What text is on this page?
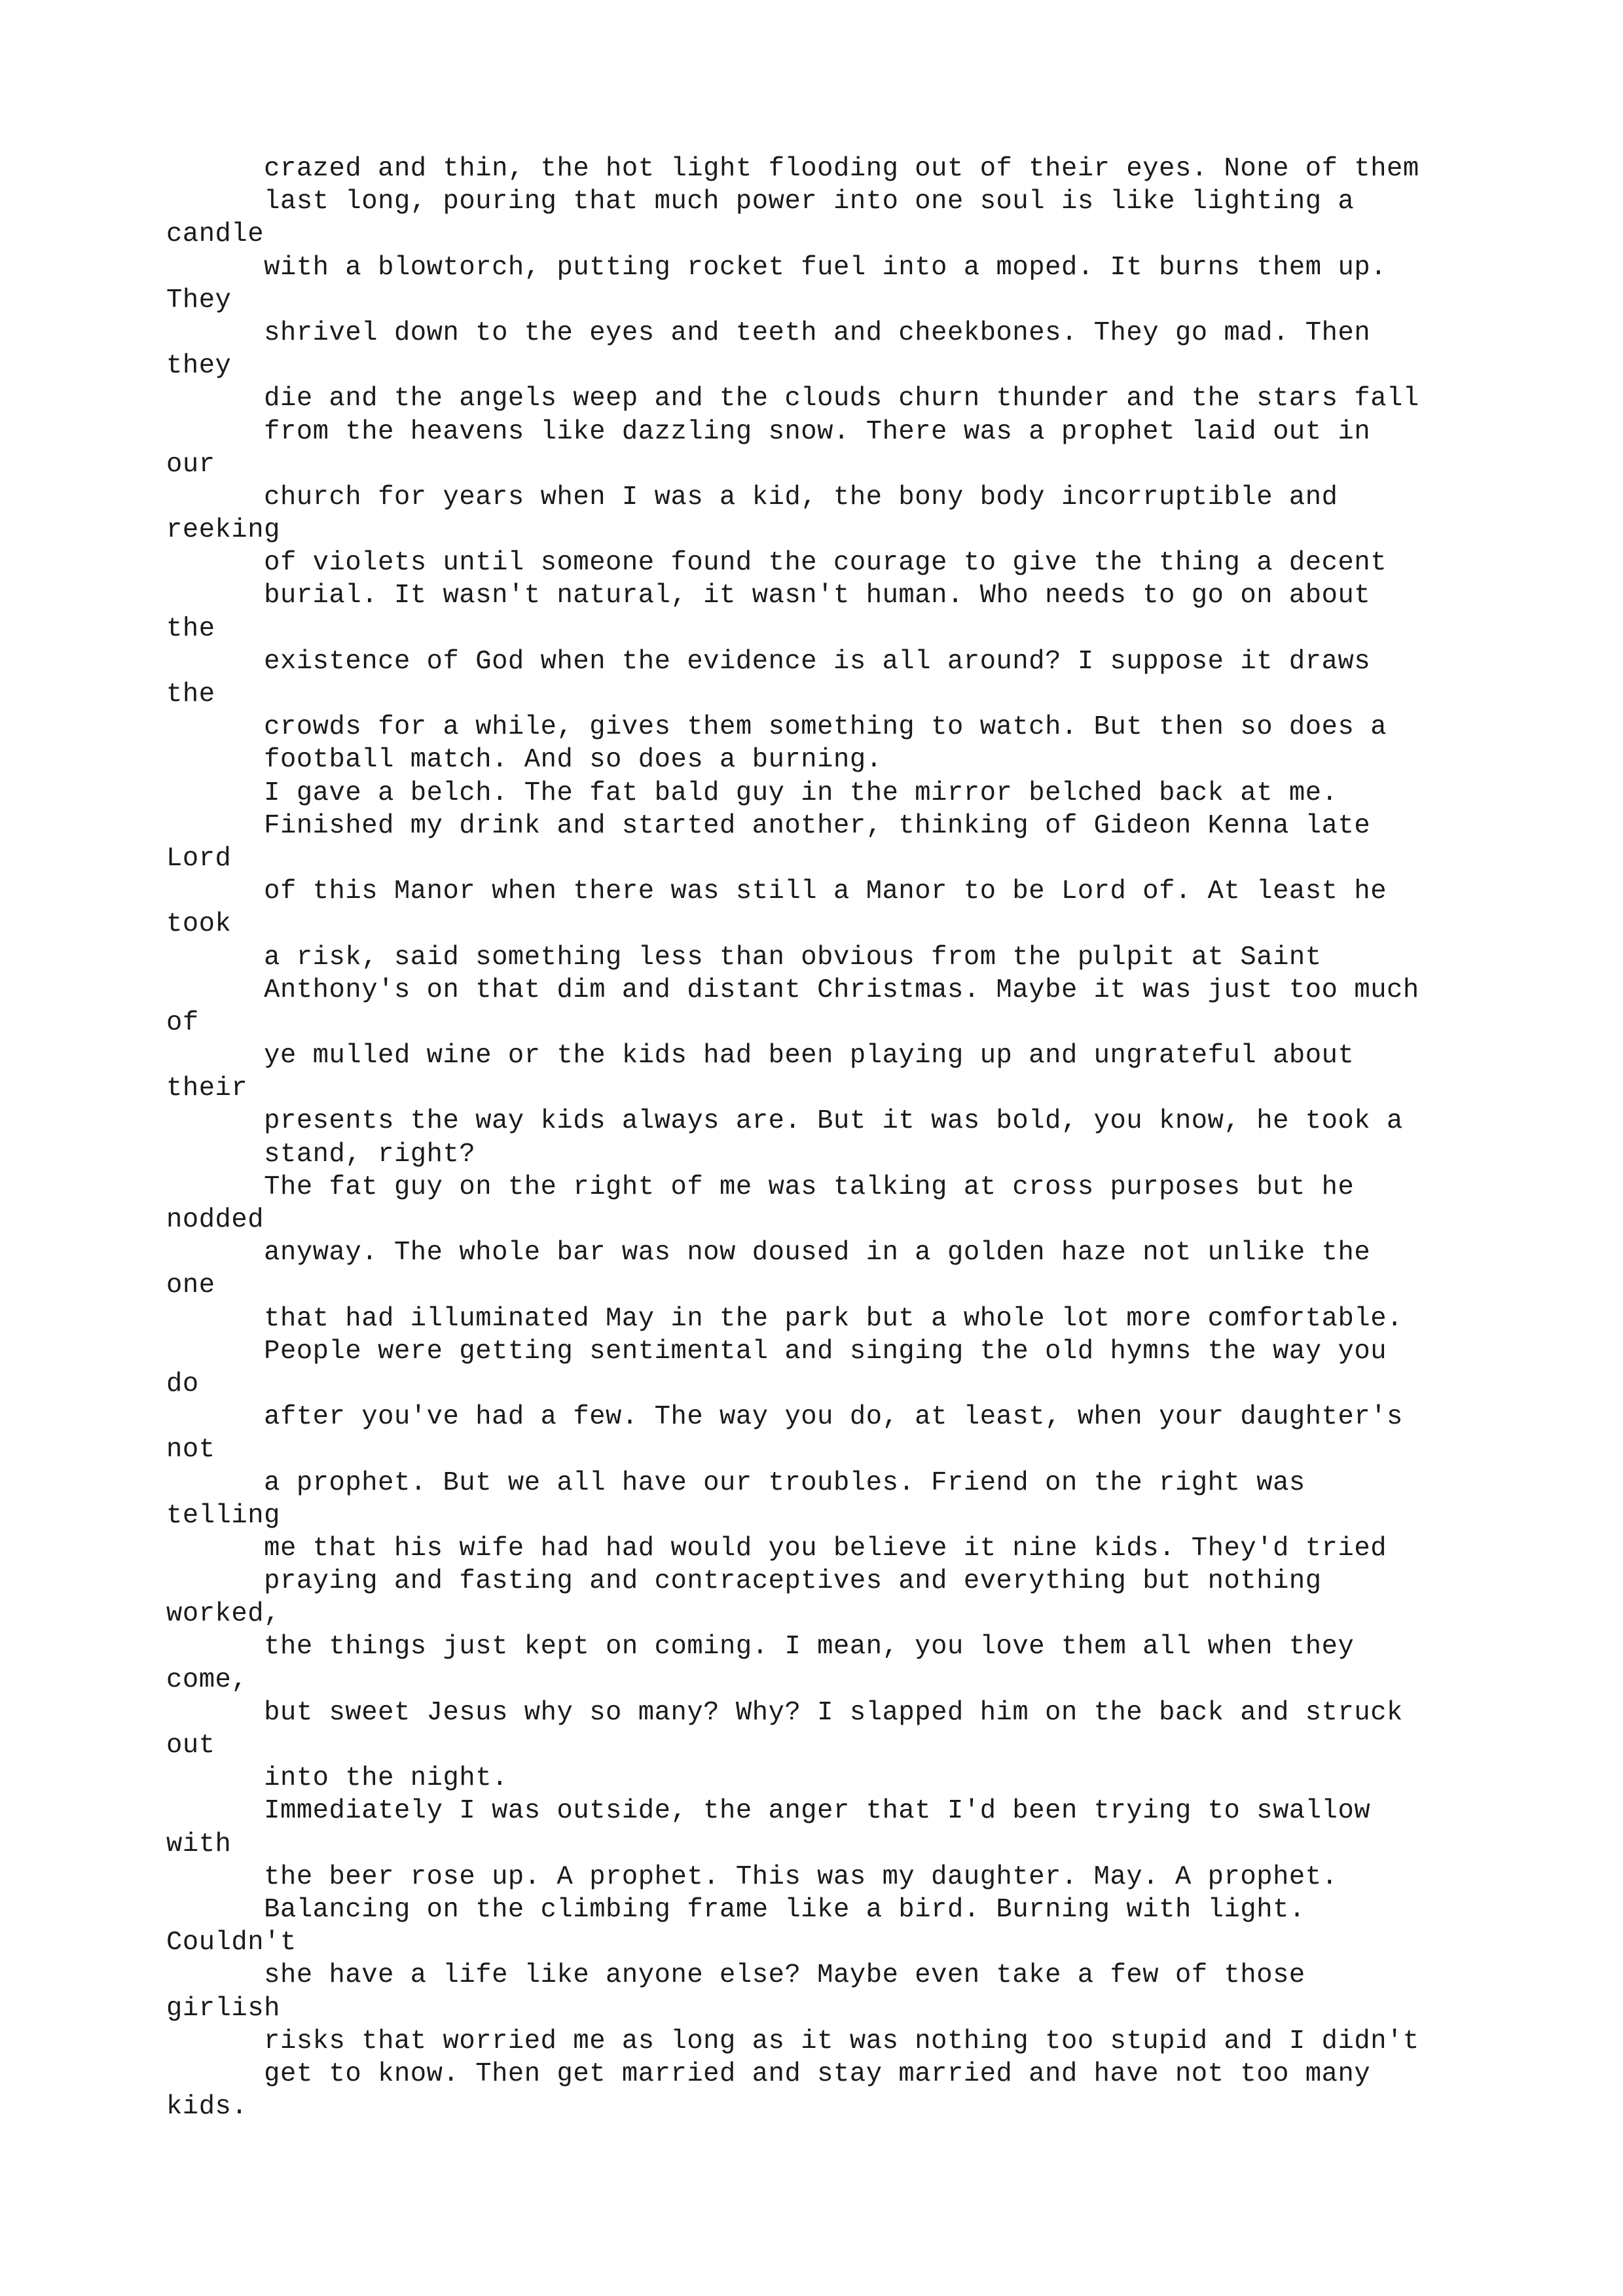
crazed and thin, the hot light flooding out of their eyes. None of them
last long, pouring that much power into one soul is like lighting a
candle
with a blowtorch, putting rocket fuel into a moped. It burns them up.
They
shrivel down to the eyes and teeth and cheekbones. They go mad. Then
they
die and the angels weep and the clouds churn thunder and the stars fall
from the heavens like dazzling snow. There was a prophet laid out in
our
church for years when I was a kid, the bony body incorruptible and
reeking
of violets until someone found the courage to give the thing a decent
burial. It wasn't natural, it wasn't human. Who needs to go on about
the
existence of God when the evidence is all around? I suppose it draws
the
crowds for a while, gives them something to watch. But then so does a
football match. And so does a burning.
I gave a belch. The fat bald guy in the mirror belched back at me.
Finished my drink and started another, thinking of Gideon Kenna late
Lord
of this Manor when there was still a Manor to be Lord of. At least he
took
a risk, said something less than obvious from the pulpit at Saint
Anthony's on that dim and distant Christmas. Maybe it was just too much
of
ye mulled wine or the kids had been playing up and ungrateful about
their
presents the way kids always are. But it was bold, you know, he took a
stand, right?
The fat guy on the right of me was talking at cross purposes but he
nodded
anyway. The whole bar was now doused in a golden haze not unlike the
one
that had illuminated May in the park but a whole lot more comfortable.
People were getting sentimental and singing the old hymns the way you
do
after you've had a few. The way you do, at least, when your daughter's
not
a prophet. But we all have our troubles. Friend on the right was
telling
me that his wife had had would you believe it nine kids. They'd tried
praying and fasting and contraceptives and everything but nothing
worked,
the things just kept on coming. I mean, you love them all when they
come,
but sweet Jesus why so many? Why? I slapped him on the back and struck
out
into the night.
Immediately I was outside, the anger that I'd been trying to swallow
with
the beer rose up. A prophet. This was my daughter. May. A prophet.
Balancing on the climbing frame like a bird. Burning with light.
Couldn't
she have a life like anyone else? Maybe even take a few of those
girlish
risks that worried me as long as it was nothing too stupid and I didn't
get to know. Then get married and stay married and have not too many
kids.
